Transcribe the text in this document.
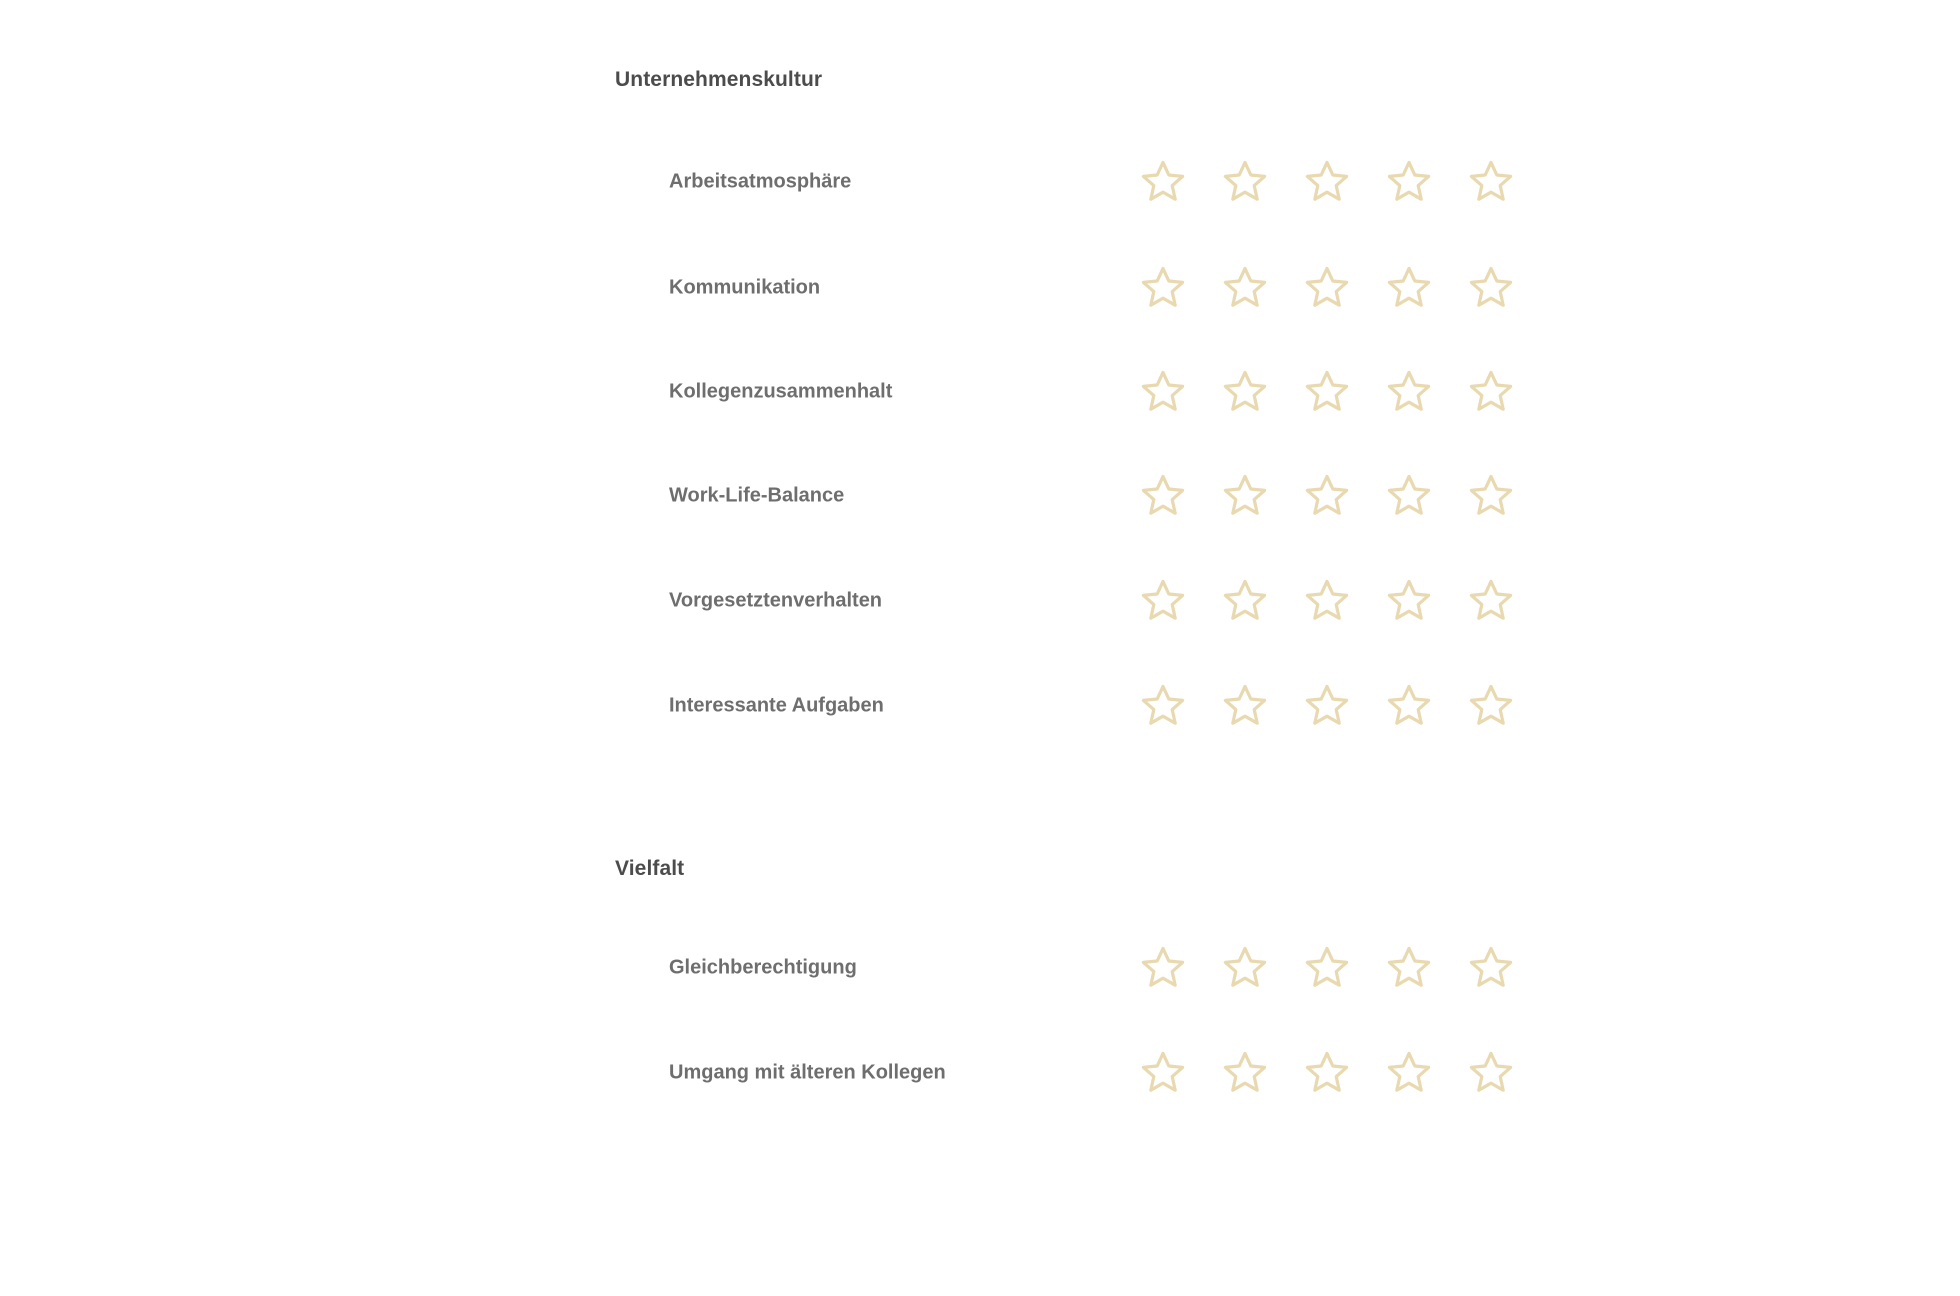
Unternehmenskultur
Arbeitsatmosphäre
Kommunikation
Kollegenzusammenhalt
Work-Life-Balance
Vorgesetztenverhalten
Interessante Aufgaben
Vielfalt
Gleichberechtigung
Umgang mit älteren Kollegen
